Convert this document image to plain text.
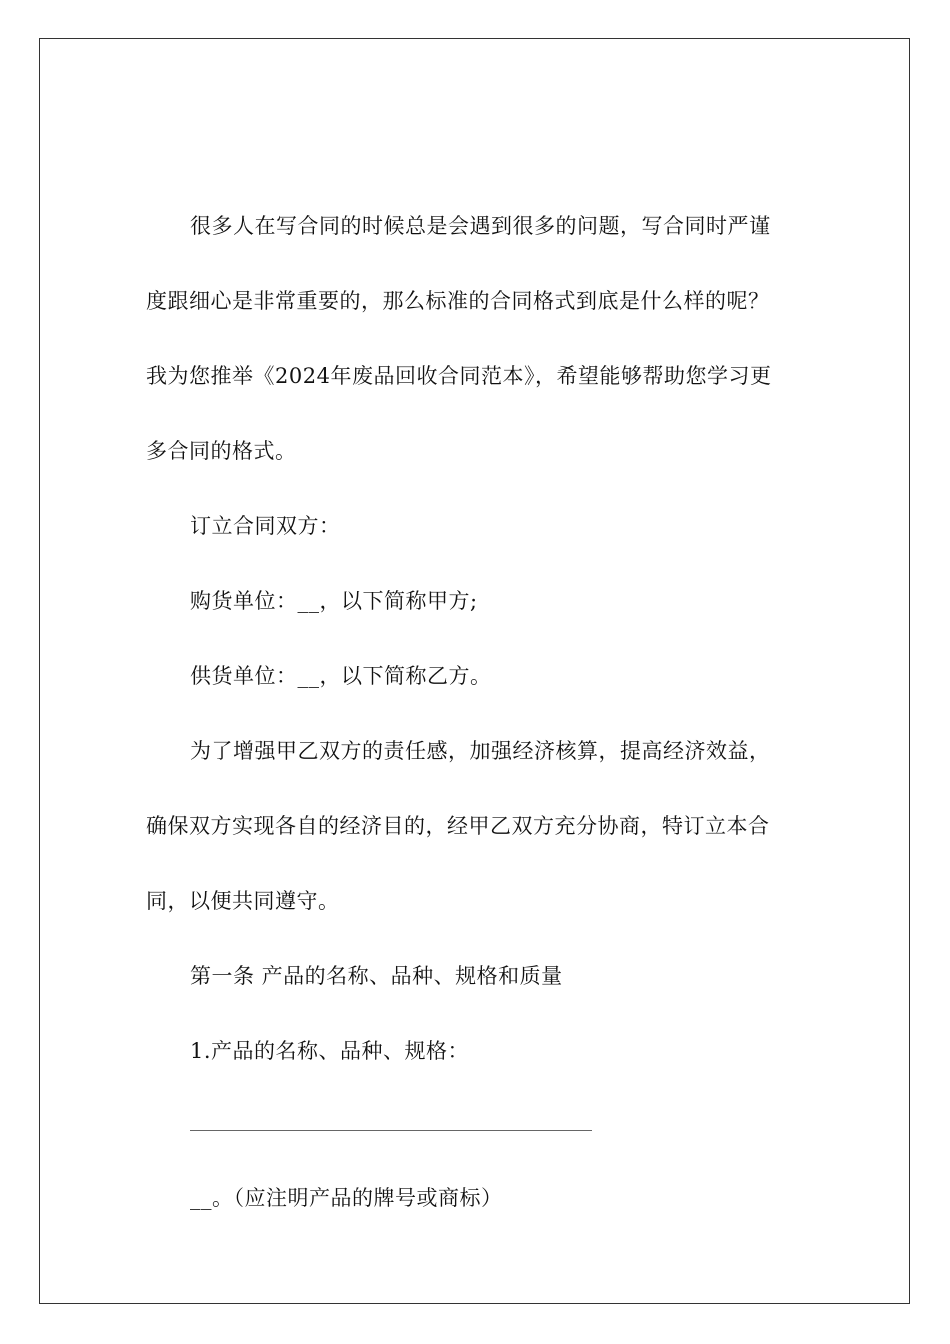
很多人在写合同的时候总是会遇到很多的问题，写合同时严谨
度跟细心是非常重要的，那么标准的合同格式到底是什么样的呢？
我为您推举《2024年废品回收合同范本》，希望能够帮助您学习更
多合同的格式。
订立合同双方：
购货单位：__，以下简称甲方;
供货单位：__，以下简称乙方。
为了增强甲乙双方的责任感，加强经济核算，提高经济效益，
确保双方实现各自的经济目的，经甲乙双方充分协商，特订立本合
同，以便共同遵守。
第一条 产品的名称、品种、规格和质量
1.产品的名称、品种、规格：
__。（应注明产品的牌号或商标）
